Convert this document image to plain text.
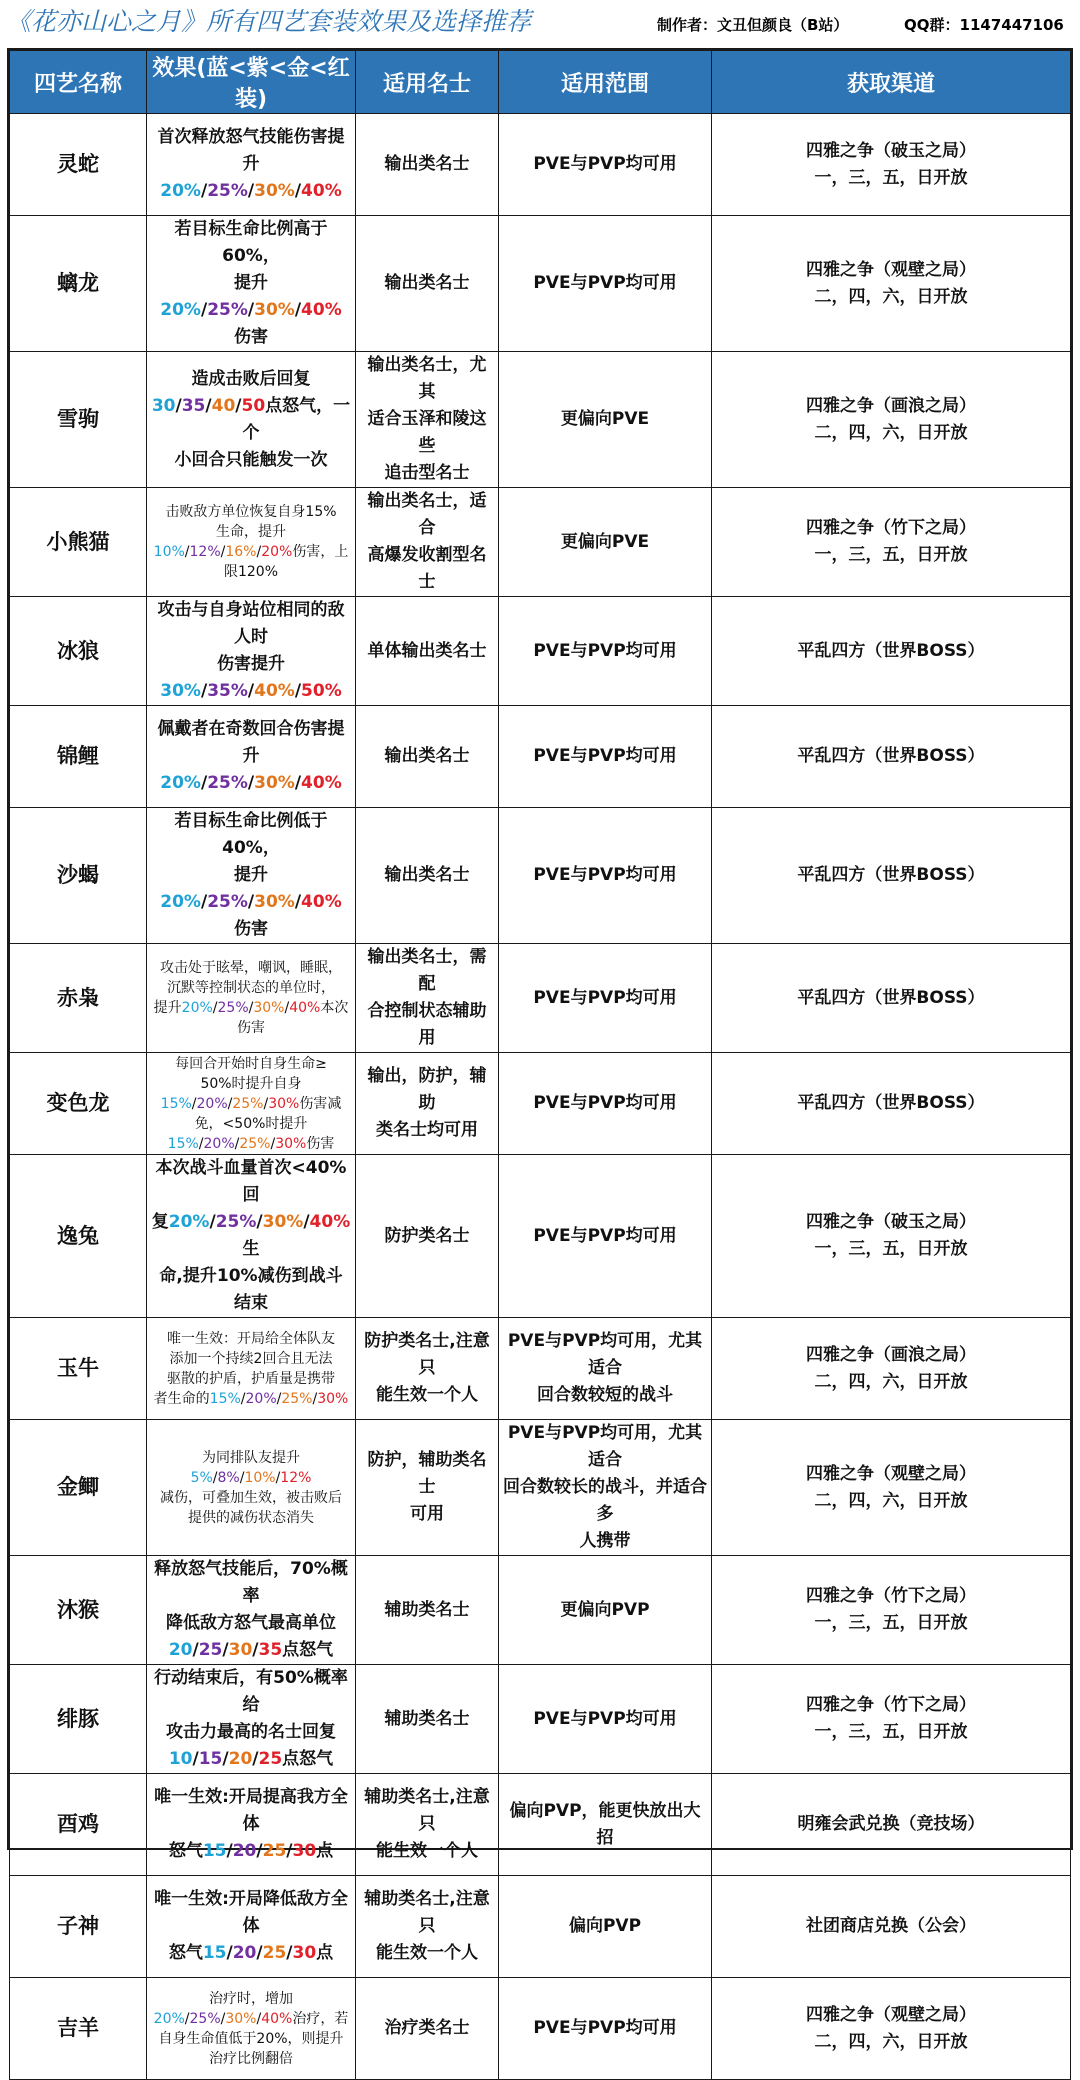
《花亦山心之月》所有四艺套装效果及选择推荐	制作者：文丑但颜良（B站）	QQ群：1147447106
四艺名称	效果(蓝<紫<金<红装)	适用名士	适用范围	获取渠道
灵蛇	首次释放怒气技能伤害提升
20%/25%/30%/40%	输出类名士	PVE与PVP均可用	四雅之争（破玉之局）
一，三，五，日开放

螭龙	若目标生命比例高于60%，
提升20%/25%/30%/40%
伤害	输出类名士	PVE与PVP均可用	四雅之争（观壁之局）
二，四，六，日开放

雪驹	造成击败后回复
30/35/40/50点怒气，一个
小回合只能触发一次	输出类名士，尤其
适合玉泽和陵这些
追击型名士	更偏向PVE	四雅之争（画浪之局）
二，四，六，日开放

小熊猫	击败敌方单位恢复自身15%
生命，提升
10%/12%/16%/20%伤害，上
限120%	输出类名士，适合
高爆发收割型名士	更偏向PVE	四雅之争（竹下之局）
一，三，五，日开放

冰狼	攻击与自身站位相同的敌人时
伤害提升
30%/35%/40%/50%	单体输出类名士	PVE与PVP均可用	平乱四方（世界BOSS）

锦鲤	佩戴者在奇数回合伤害提升
20%/25%/30%/40%	输出类名士	PVE与PVP均可用	平乱四方（世界BOSS）

沙蝎	若目标生命比例低于40%，
提升20%/25%/30%/40%
伤害	输出类名士	PVE与PVP均可用	平乱四方（世界BOSS）

赤枭	攻击处于眩晕，嘲讽，睡眠，
沉默等控制状态的单位时，
提升20%/25%/30%/40%本次
伤害	输出类名士，需配
合控制状态辅助用	PVE与PVP均可用	平乱四方（世界BOSS）

变色龙	每回合开始时自身生命≥
50%时提升自身
15%/20%/25%/30%伤害减
免，<50%时提升
15%/20%/25%/30%伤害	输出，防护，辅助
类名士均可用	PVE与PVP均可用	平乱四方（世界BOSS）

逸兔	本次战斗血量首次<40%回
复20%/25%/30%/40%生
命,提升10%减伤到战斗结束	防护类名士	PVE与PVP均可用	四雅之争（破玉之局）
一，三，五，日开放

玉牛	唯一生效：开局给全体队友
添加一个持续2回合且无法
驱散的护盾，护盾量是携带
者生命的15%/20%/25%/30%	防护类名士,注意只
能生效一个人	PVE与PVP均可用，尤其适合
回合数较短的战斗	四雅之争（画浪之局）
二，四，六，日开放

金鲫	为同排队友提升
5%/8%/10%/12%
减伤，可叠加生效，被击败后
提供的减伤状态消失	防护，辅助类名士
可用	PVE与PVP均可用，尤其适合
回合数较长的战斗，并适合多
人携带	四雅之争（观壁之局）
二，四，六，日开放

沐猴	释放怒气技能后，70%概率
降低敌方怒气最高单位
20/25/30/35点怒气	辅助类名士	更偏向PVP	四雅之争（竹下之局）
一，三，五，日开放

绯豚	行动结束后，有50%概率给
攻击力最高的名士回复
10/15/20/25点怒气	辅助类名士	PVE与PVP均可用	四雅之争（竹下之局）
一，三，五，日开放

酉鸡	唯一生效:开局提高我方全体
怒气15/20/25/30点	辅助类名士,注意只
能生效一个人	偏向PVP，能更快放出大招	明雍会武兑换（竞技场）

子神	唯一生效:开局降低敌方全体
怒气15/20/25/30点	辅助类名士,注意只
能生效一个人	偏向PVP	社团商店兑换（公会）

吉羊	治疗时，增加
20%/25%/30%/40%治疗，若
自身生命值低于20%，则提升
治疗比例翻倍	治疗类名士	PVE与PVP均可用	四雅之争（观壁之局）
二，四，六，日开放
